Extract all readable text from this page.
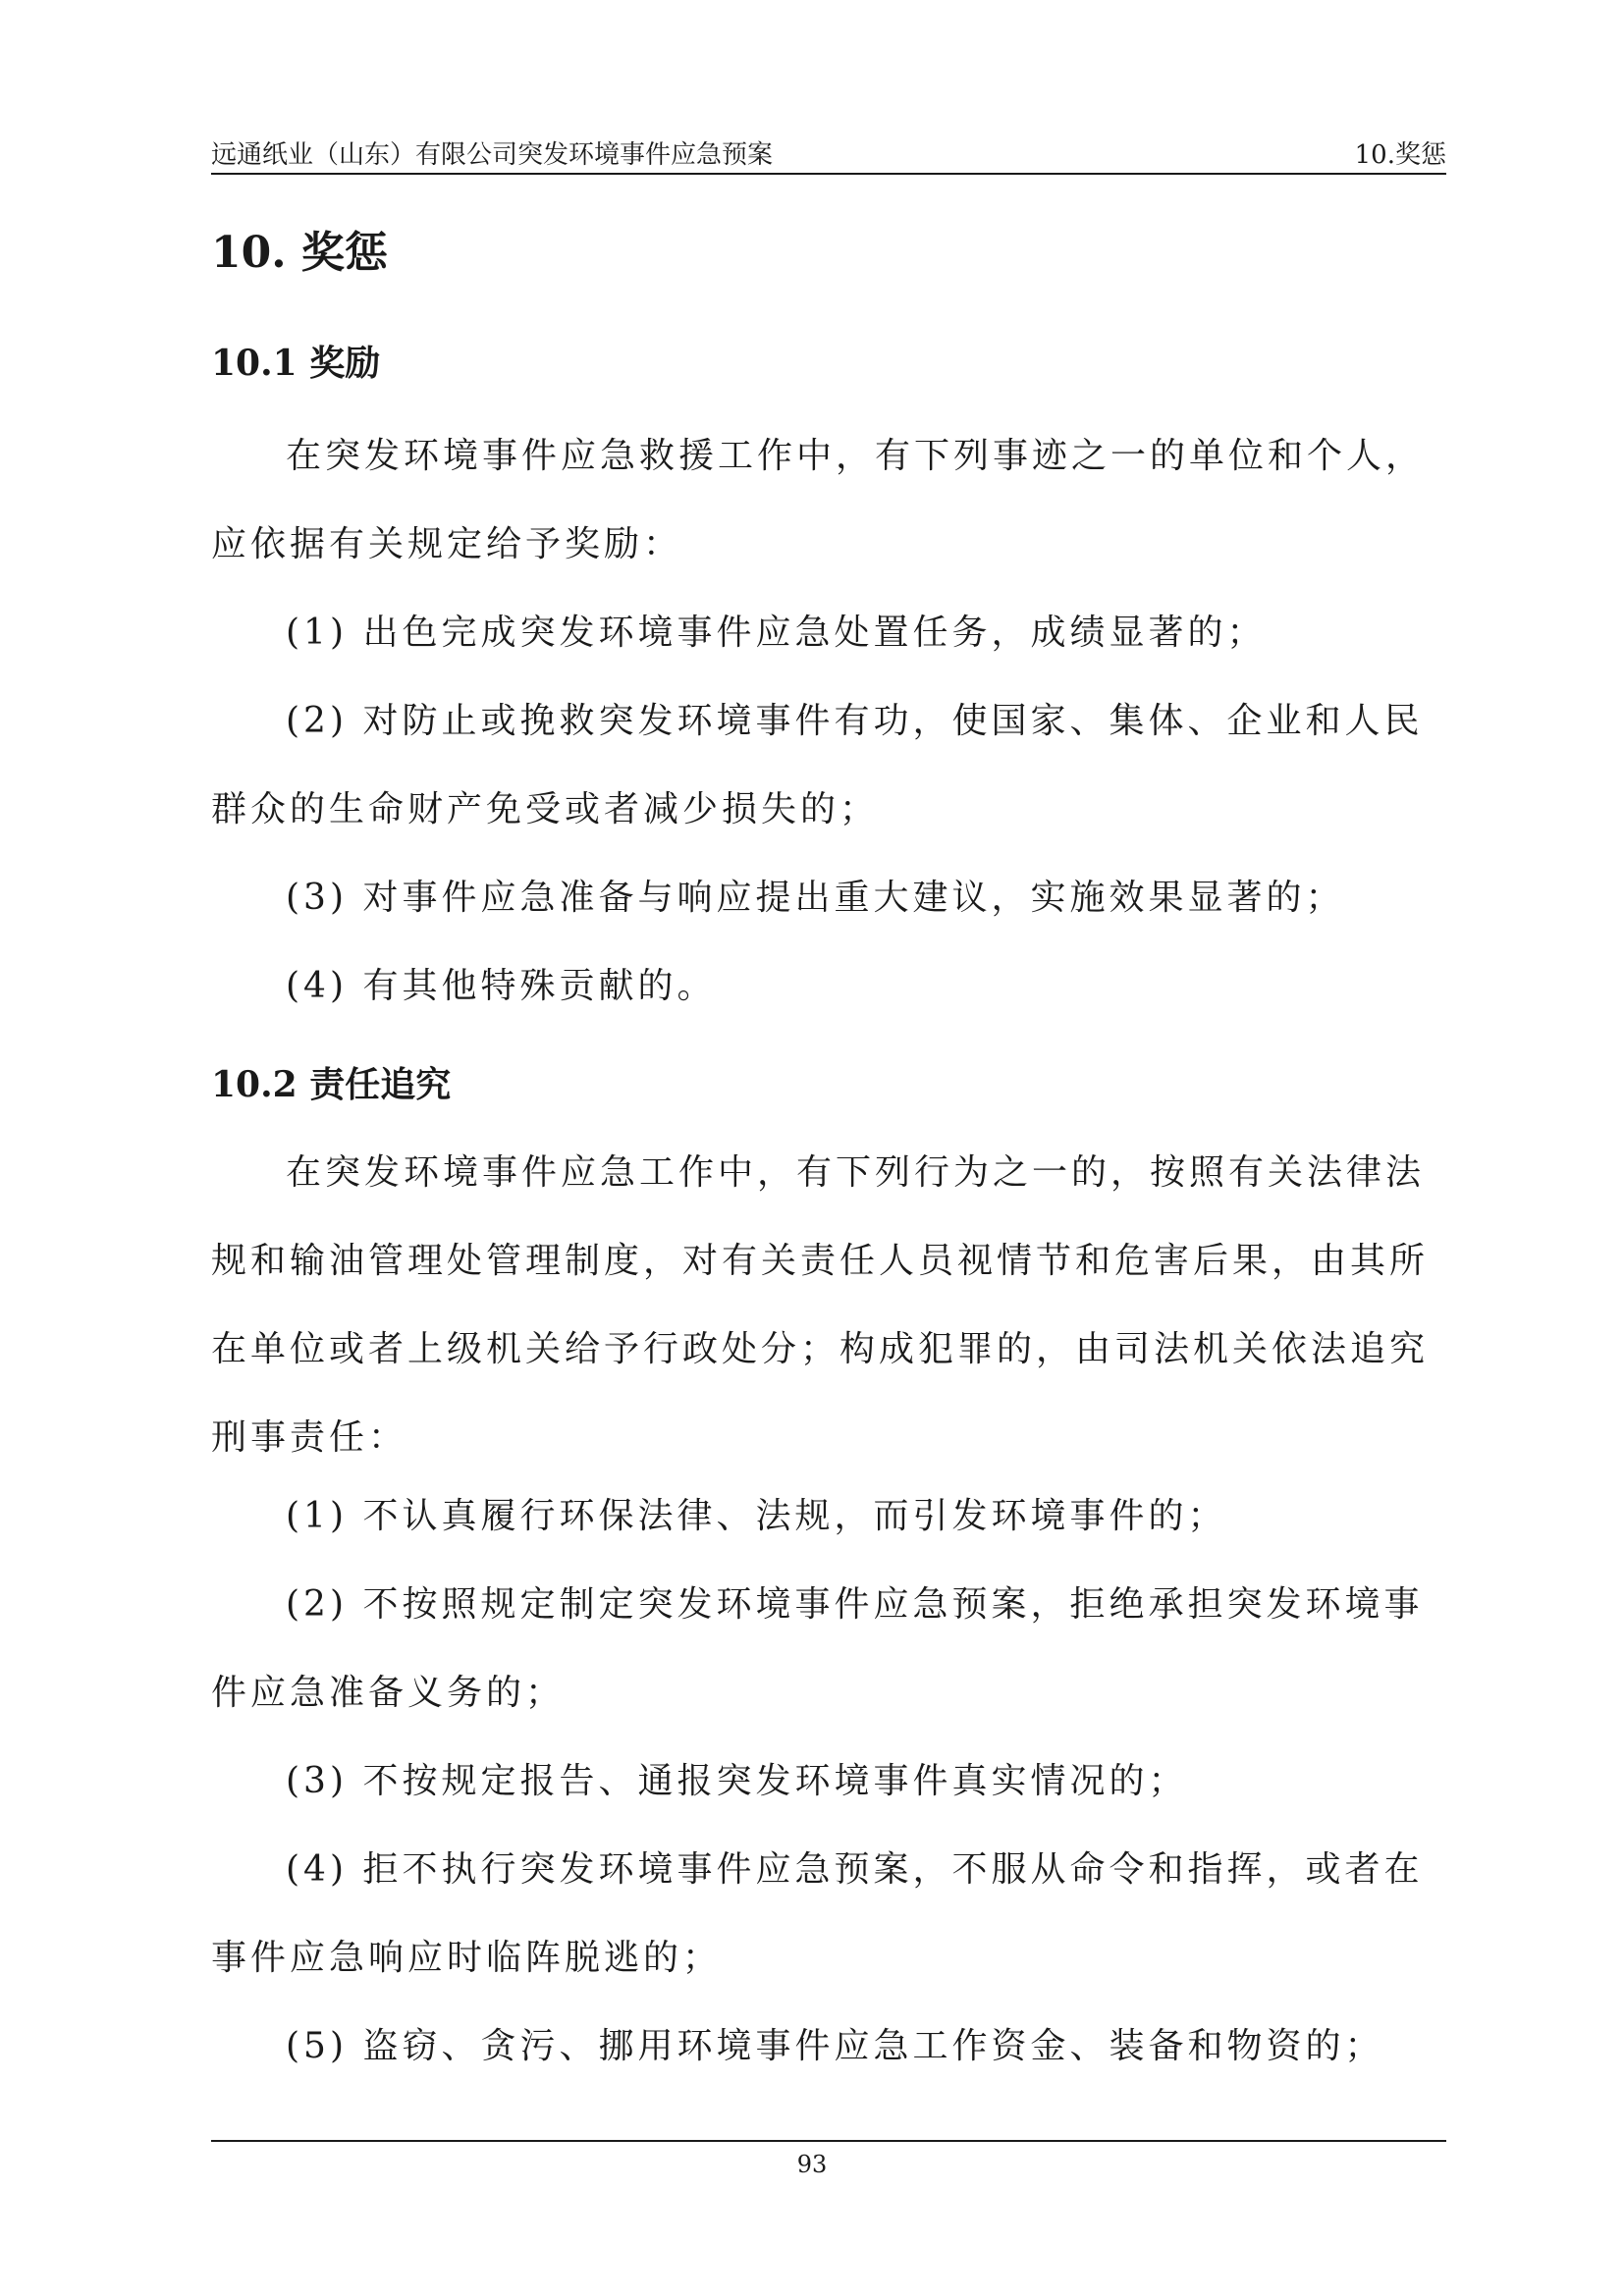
远通纸业（山东）有限公司突发环境事件应急预案	10.奖惩
10. 奖惩
10.1 奖励
在突发环境事件应急救援工作中，有下列事迹之一的单位和个人，应依据有关规定给予奖励：
(1) 出色完成突发环境事件应急处置任务，成绩显著的；
(2) 对防止或挽救突发环境事件有功，使国家、集体、企业和人民群众的生命财产免受或者减少损失的；
(3) 对事件应急准备与响应提出重大建议，实施效果显著的；
(4) 有其他特殊贡献的。
10.2 责任追究
在突发环境事件应急工作中，有下列行为之一的，按照有关法律法规和输油管理处管理制度，对有关责任人员视情节和危害后果，由其所在单位或者上级机关给予行政处分；构成犯罪的，由司法机关依法追究刑事责任：
(1) 不认真履行环保法律、法规，而引发环境事件的；
(2) 不按照规定制定突发环境事件应急预案，拒绝承担突发环境事件应急准备义务的；
(3) 不按规定报告、通报突发环境事件真实情况的；
(4) 拒不执行突发环境事件应急预案，不服从命令和指挥，或者在事件应急响应时临阵脱逃的；
(5) 盗窃、贪污、挪用环境事件应急工作资金、装备和物资的；
93
